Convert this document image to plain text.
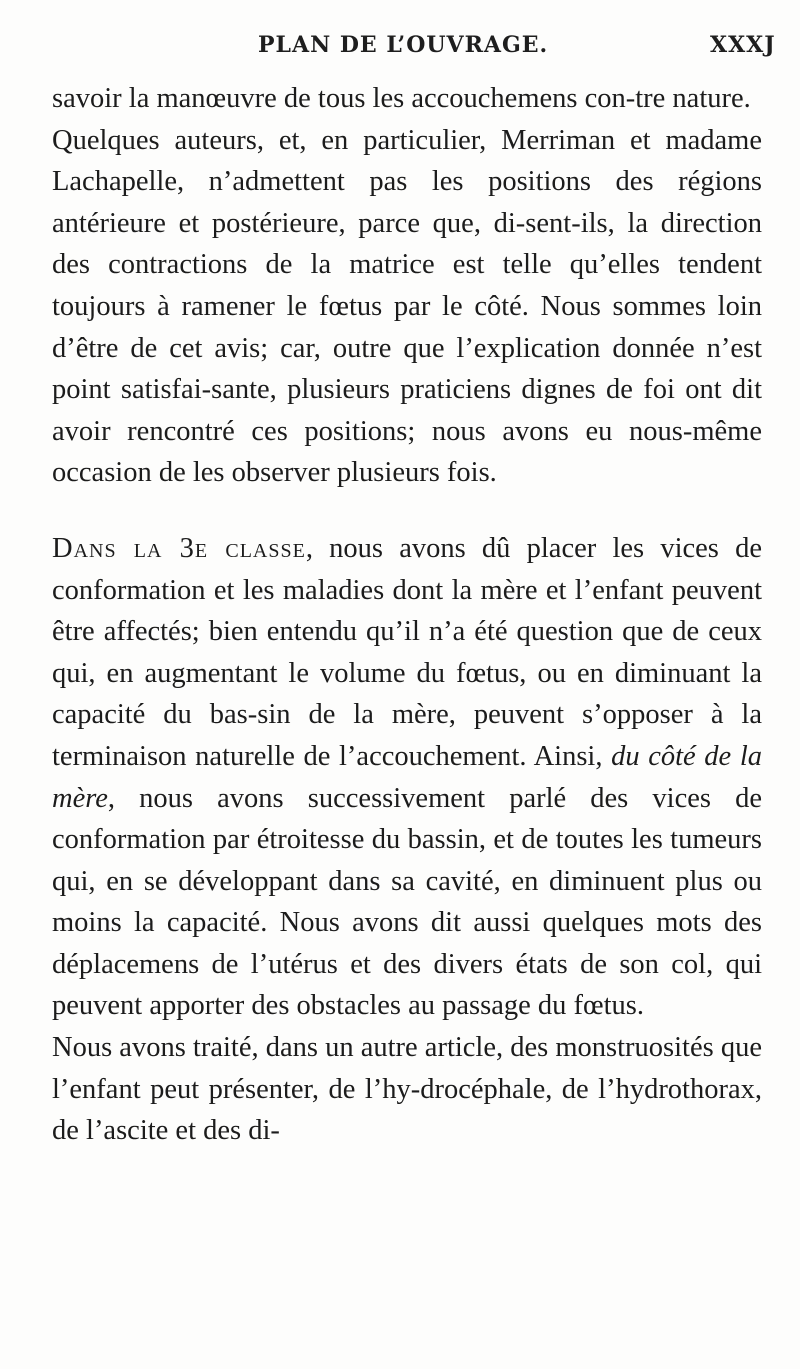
PLAN DE L’OUVRAGE.	XXXJ

savoir la manœuvre de tous les accouchemens con-tre nature.

Quelques auteurs, et, en particulier, Merriman et madame Lachapelle, n’admettent pas les positions des régions antérieure et postérieure, parce que, di-sent-ils, la direction des contractions de la matrice est telle qu’elles tendent toujours à ramener le fœtus par le côté. Nous sommes loin d’être de cet avis; car, outre que l’explication donnée n’est point satisfai-sante, plusieurs praticiens dignes de foi ont dit avoir rencontré ces positions; nous avons eu nous-même occasion de les observer plusieurs fois.

Dans la 3e classe, nous avons dû placer les vices de conformation et les maladies dont la mère et l’enfant peuvent être affectés; bien entendu qu’il n’a été question que de ceux qui, en augmentant le volume du fœtus, ou en diminuant la capacité du bas-sin de la mère, peuvent s’opposer à la terminaison naturelle de l’accouchement. Ainsi, du côté de la mère, nous avons successivement parlé des vices de conformation par étroitesse du bassin, et de toutes les tumeurs qui, en se développant dans sa cavité, en diminuent plus ou moins la capacité. Nous avons dit aussi quelques mots des déplacemens de l’utérus et des divers états de son col, qui peuvent apporter des obstacles au passage du fœtus.

Nous avons traité, dans un autre article, des monstruosités que l’enfant peut présenter, de l’hy-drocéphale, de l’hydrothorax, de l’ascite et des di-
